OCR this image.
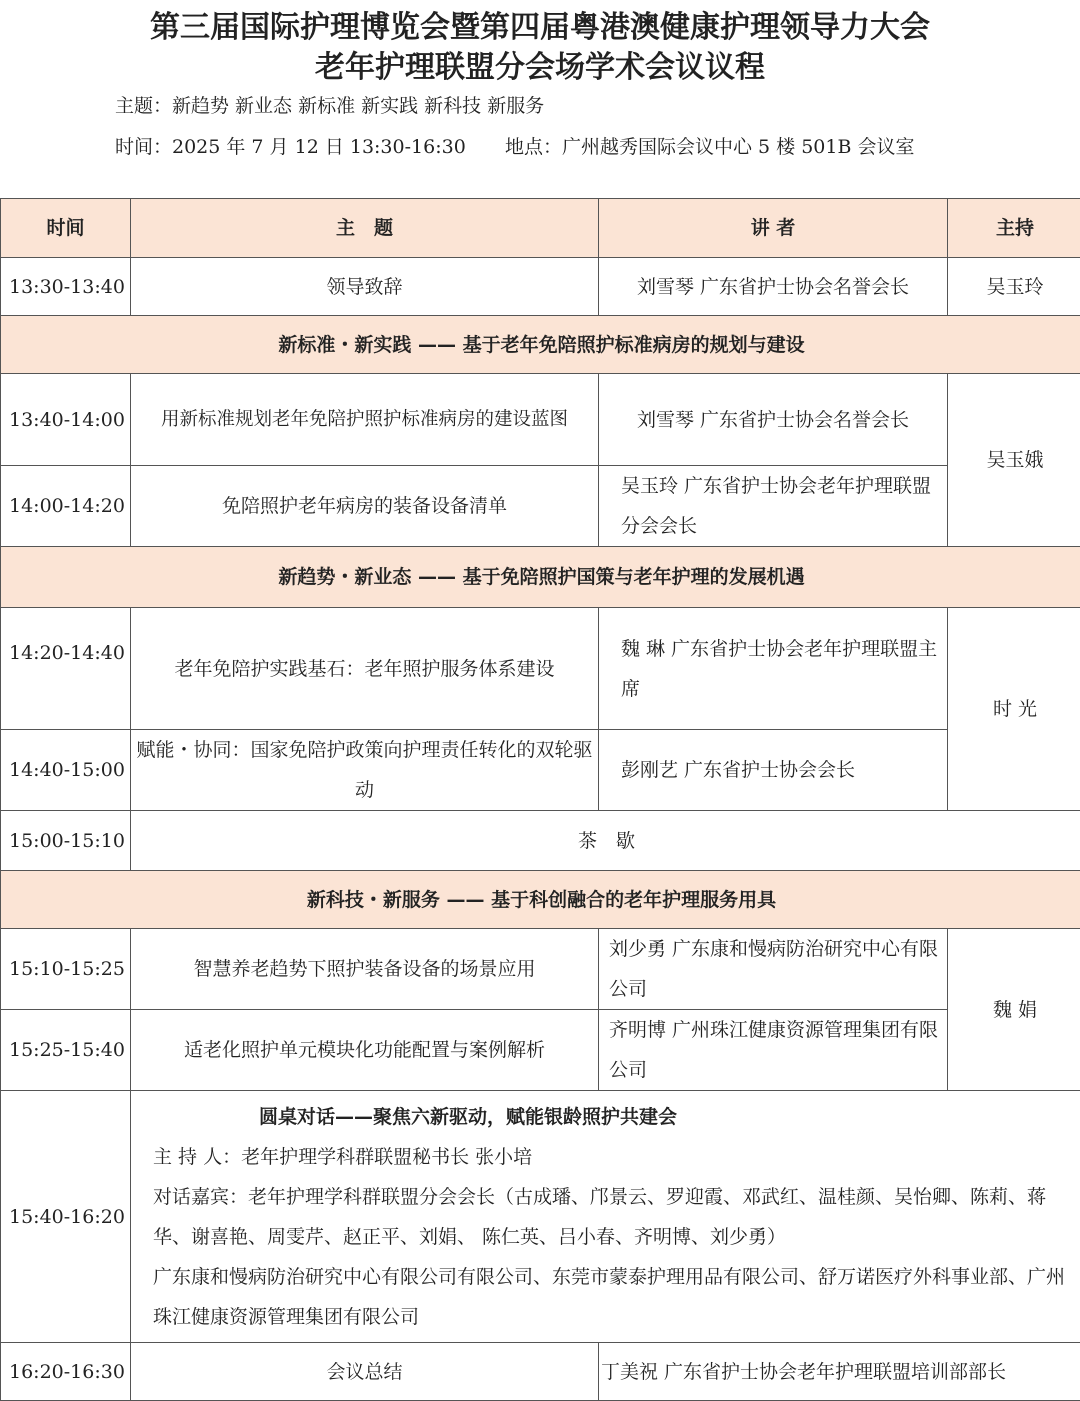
第三届国际护理博览会暨第四届粤港澳健康护理领导力大会
老年护理联盟分会场学术会议议程
主题：新趋势 新业态 新标准 新实践 新科技 新服务
时间：2025 年 7 月 12 日 13:30-16:30 地点：广州越秀国际会议中心 5 楼 501B 会议室
时间	主　题	讲 者	主持
13:30-13:40	领导致辞	刘雪琴 广东省护士协会名誉会长	吴玉玲
新标准・新实践 —— 基于老年免陪照护标准病房的规划与建设			
13:40-14:00	用新标准规划老年免陪护照护标准病房的建设蓝图	刘雪琴 广东省护士协会名誉会长	吴玉娥
14:00-14:20	免陪照护老年病房的装备设备清单	吴玉玲 广东省护士协会老年护理联盟分会会长	
新趋势・新业态 —— 基于免陪照护国策与老年护理的发展机遇			
14:20-14:40	老年免陪护实践基石：老年照护服务体系建设	魏 琳 广东省护士协会老年护理联盟主席	时 光
14:40-15:00	赋能・协同：国家免陪护政策向护理责任转化的双轮驱动	彭刚艺 广东省护士协会会长	
15:00-15:10	茶　歇		
新科技・新服务 —— 基于科创融合的老年护理服务用具			
15:10-15:25	智慧养老趋势下照护装备设备的场景应用	刘少勇 广东康和慢病防治研究中心有限公司	魏 娟
15:25-15:40	适老化照护单元模块化功能配置与案例解析	齐明博 广州珠江健康资源管理集团有限公司	
15:40-16:20	圆桌对话——聚焦六新驱动，赋能银龄照护共建会
主 持 人：老年护理学科群联盟秘书长 张小培
对话嘉宾：老年护理学科群联盟分会会长（古成璠、邝景云、罗迎霞、邓武红、温桂颜、吴怡卿、陈莉、蒋华、谢喜艳、周雯芹、赵正平、刘娟、 陈仁英、吕小春、齐明博、刘少勇）
广东康和慢病防治研究中心有限公司有限公司、东莞市蒙泰护理用品有限公司、舒万诺医疗外科事业部、广州珠江健康资源管理集团有限公司		

16:20-16:30	会议总结	丁美祝 广东省护士协会老年护理联盟培训部部长	
